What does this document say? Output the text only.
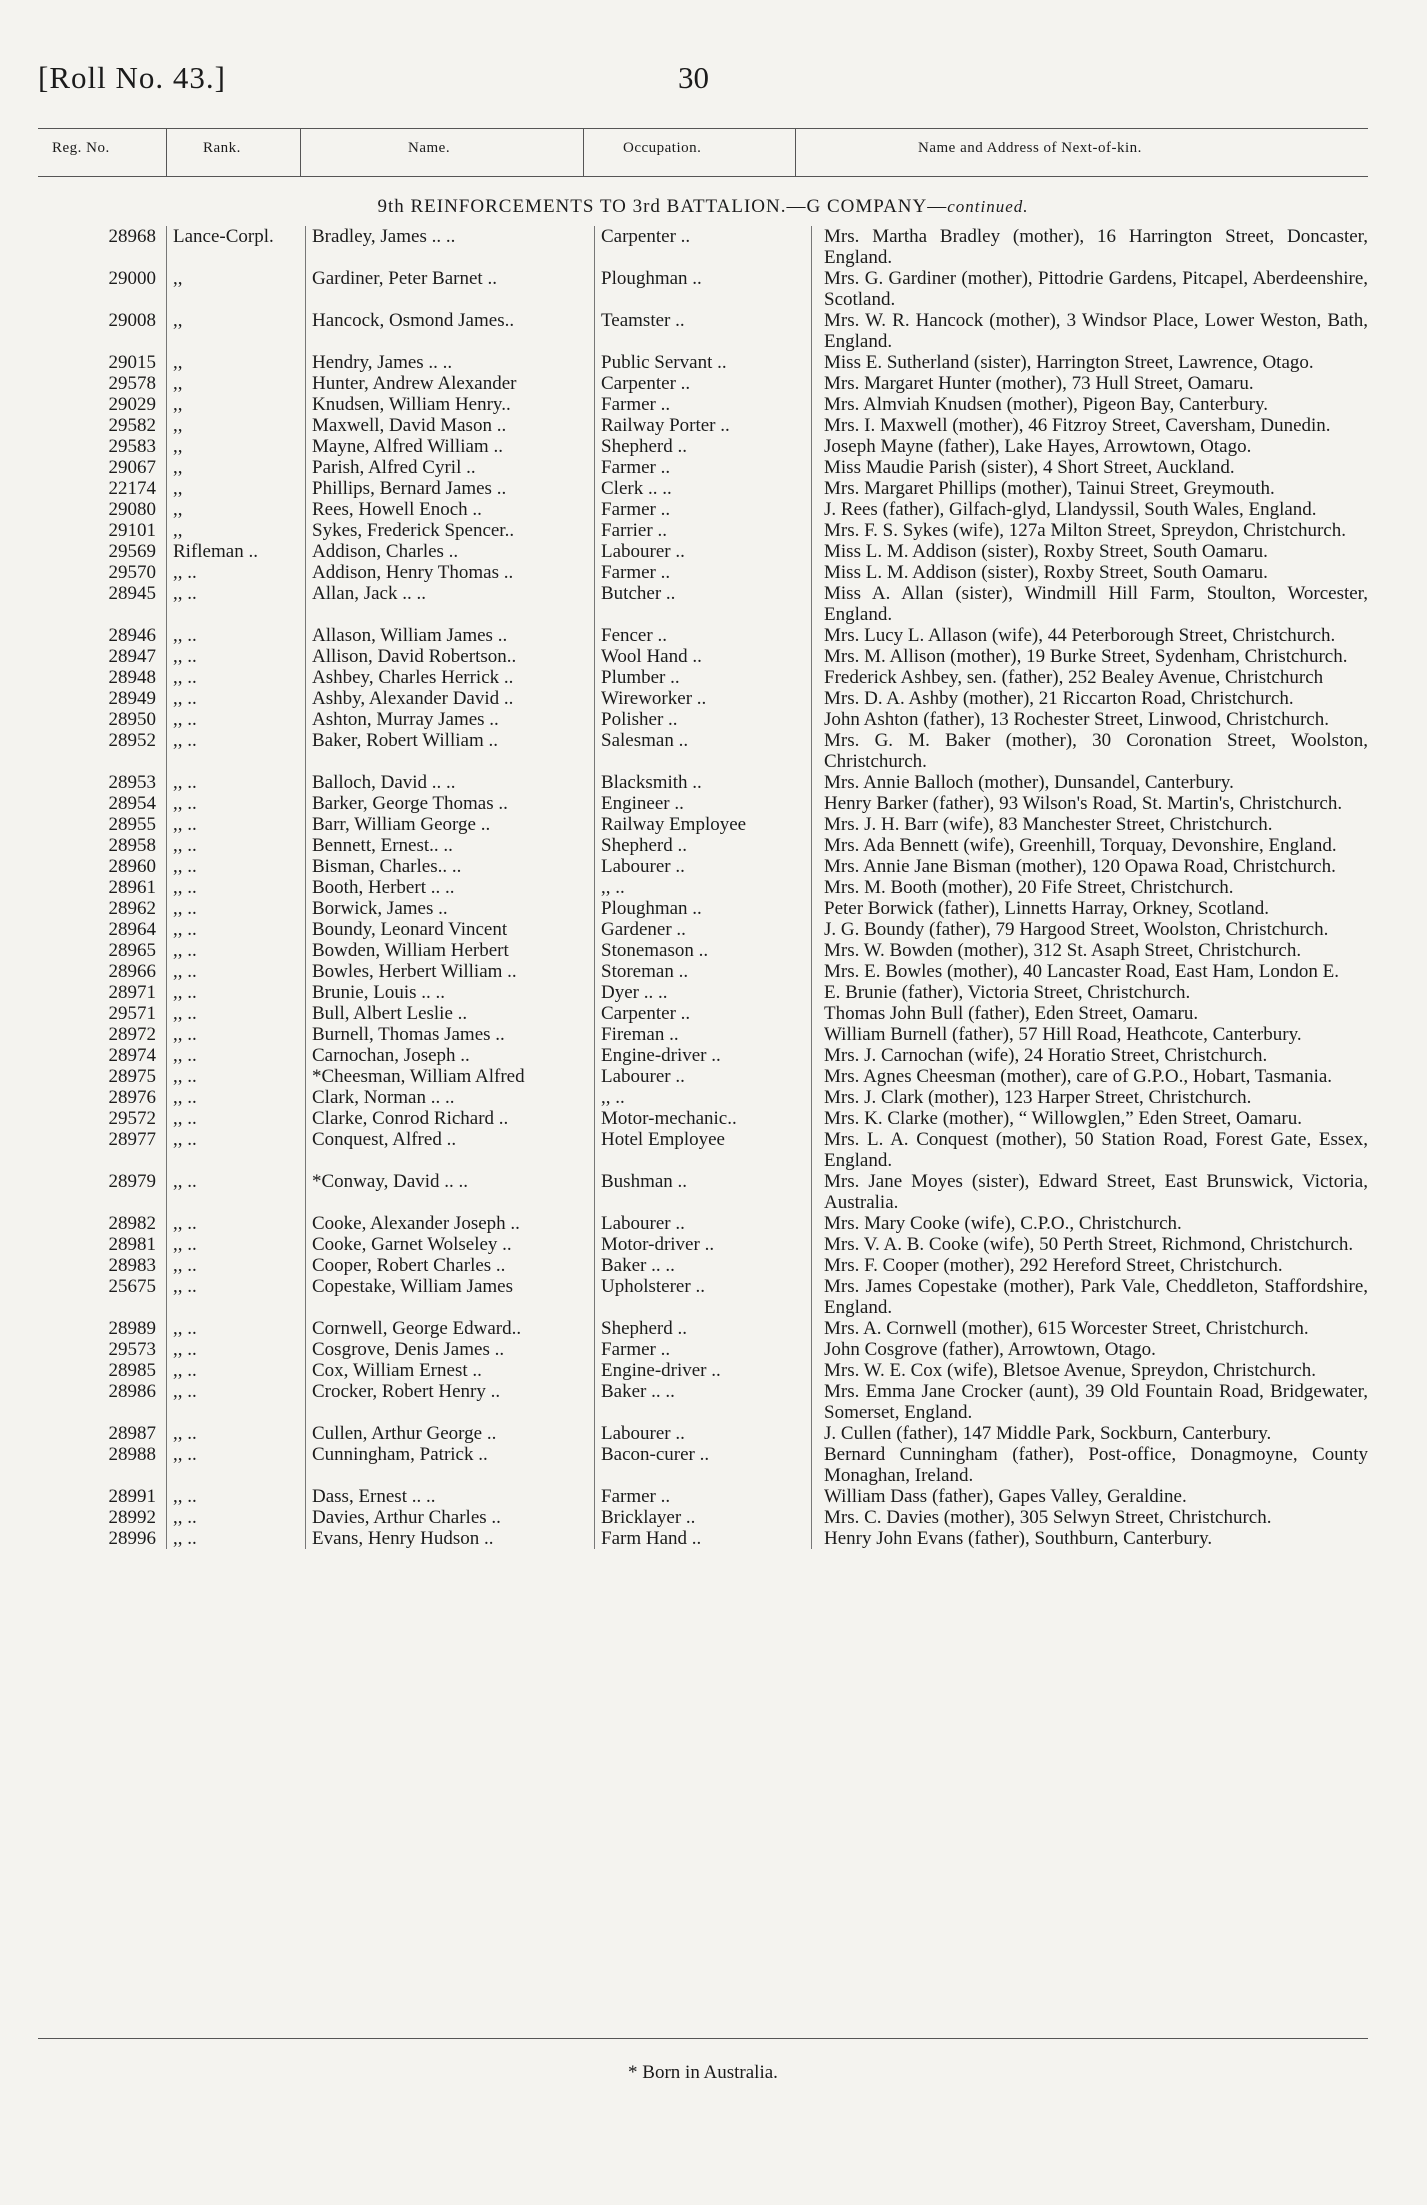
[Roll No. 43.]	30
Reg. No.	Rank.	Name.	Occupation.	Name and Address of Next-of-kin.
9th REINFORCEMENTS TO 3rd BATTALION.—G COMPANY—continued.
28968	Lance-Corpl.	Bradley, James .. ..	Carpenter ..	Mrs. Martha Bradley (mother), 16 Harrington Street, Doncaster, England.
29000	,,	Gardiner, Peter Barnet ..	Ploughman ..	Mrs. G. Gardiner (mother), Pittodrie Gardens, Pitcapel, Aberdeenshire, Scotland.
29008	,,	Hancock, Osmond James..	Teamster ..	Mrs. W. R. Hancock (mother), 3 Windsor Place, Lower Weston, Bath, England.
29015	,,	Hendry, James .. ..	Public Servant ..	Miss E. Sutherland (sister), Harrington Street, Lawrence, Otago.
29578	,,	Hunter, Andrew Alexander	Carpenter ..	Mrs. Margaret Hunter (mother), 73 Hull Street, Oamaru.
29029	,,	Knudsen, William Henry..	Farmer ..	Mrs. Almviah Knudsen (mother), Pigeon Bay, Canterbury.
29582	,,	Maxwell, David Mason ..	Railway Porter ..	Mrs. I. Maxwell (mother), 46 Fitzroy Street, Caversham, Dunedin.
29583	,,	Mayne, Alfred William ..	Shepherd ..	Joseph Mayne (father), Lake Hayes, Arrowtown, Otago.
29067	,,	Parish, Alfred Cyril ..	Farmer ..	Miss Maudie Parish (sister), 4 Short Street, Auckland.
22174	,,	Phillips, Bernard James ..	Clerk .. ..	Mrs. Margaret Phillips (mother), Tainui Street, Greymouth.
29080	,,	Rees, Howell Enoch ..	Farmer ..	J. Rees (father), Gilfach-glyd, Llandyssil, South Wales, England.
29101	,,	Sykes, Frederick Spencer..	Farrier ..	Mrs. F. S. Sykes (wife), 127a Milton Street, Spreydon, Christchurch.
29569	Rifleman ..	Addison, Charles ..	Labourer ..	Miss L. M. Addison (sister), Roxby Street, South Oamaru.
29570	,, ..	Addison, Henry Thomas ..	Farmer ..	Miss L. M. Addison (sister), Roxby Street, South Oamaru.
28945	,, ..	Allan, Jack .. ..	Butcher ..	Miss A. Allan (sister), Windmill Hill Farm, Stoulton, Worcester, England.
28946	,, ..	Allason, William James ..	Fencer ..	Mrs. Lucy L. Allason (wife), 44 Peterborough Street, Christchurch.
28947	,, ..	Allison, David Robertson..	Wool Hand ..	Mrs. M. Allison (mother), 19 Burke Street, Sydenham, Christchurch.
28948	,, ..	Ashbey, Charles Herrick ..	Plumber ..	Frederick Ashbey, sen. (father), 252 Bealey Avenue, Christchurch
28949	,, ..	Ashby, Alexander David ..	Wireworker ..	Mrs. D. A. Ashby (mother), 21 Riccarton Road, Christchurch.
28950	,, ..	Ashton, Murray James ..	Polisher ..	John Ashton (father), 13 Rochester Street, Linwood, Christchurch.
28952	,, ..	Baker, Robert William ..	Salesman ..	Mrs. G. M. Baker (mother), 30 Coronation Street, Woolston, Christchurch.
28953	,, ..	Balloch, David .. ..	Blacksmith ..	Mrs. Annie Balloch (mother), Dunsandel, Canterbury.
28954	,, ..	Barker, George Thomas ..	Engineer ..	Henry Barker (father), 93 Wilson's Road, St. Martin's, Christchurch.
28955	,, ..	Barr, William George ..	Railway Employee	Mrs. J. H. Barr (wife), 83 Manchester Street, Christchurch.
28958	,, ..	Bennett, Ernest.. ..	Shepherd ..	Mrs. Ada Bennett (wife), Greenhill, Torquay, Devonshire, England.
28960	,, ..	Bisman, Charles.. ..	Labourer ..	Mrs. Annie Jane Bisman (mother), 120 Opawa Road, Christchurch.
28961	,, ..	Booth, Herbert .. ..	,, ..	Mrs. M. Booth (mother), 20 Fife Street, Christchurch.
28962	,, ..	Borwick, James ..	Ploughman ..	Peter Borwick (father), Linnetts Harray, Orkney, Scotland.
28964	,, ..	Boundy, Leonard Vincent	Gardener ..	J. G. Boundy (father), 79 Hargood Street, Woolston, Christchurch.
28965	,, ..	Bowden, William Herbert	Stonemason ..	Mrs. W. Bowden (mother), 312 St. Asaph Street, Christchurch.
28966	,, ..	Bowles, Herbert William ..	Storeman ..	Mrs. E. Bowles (mother), 40 Lancaster Road, East Ham, London E.
28971	,, ..	Brunie, Louis .. ..	Dyer .. ..	E. Brunie (father), Victoria Street, Christchurch.
29571	,, ..	Bull, Albert Leslie ..	Carpenter ..	Thomas John Bull (father), Eden Street, Oamaru.
28972	,, ..	Burnell, Thomas James ..	Fireman ..	William Burnell (father), 57 Hill Road, Heathcote, Canterbury.
28974	,, ..	Carnochan, Joseph ..	Engine-driver ..	Mrs. J. Carnochan (wife), 24 Horatio Street, Christchurch.
28975	,, ..	*Cheesman, William Alfred	Labourer ..	Mrs. Agnes Cheesman (mother), care of G.P.O., Hobart, Tasmania.
28976	,, ..	Clark, Norman .. ..	,, ..	Mrs. J. Clark (mother), 123 Harper Street, Christchurch.
29572	,, ..	Clarke, Conrod Richard ..	Motor-mechanic..	Mrs. K. Clarke (mother), “ Willowglen,” Eden Street, Oamaru.
28977	,, ..	Conquest, Alfred ..	Hotel Employee	Mrs. L. A. Conquest (mother), 50 Station Road, Forest Gate, Essex, England.
28979	,, ..	*Conway, David .. ..	Bushman ..	Mrs. Jane Moyes (sister), Edward Street, East Brunswick, Victoria, Australia.
28982	,, ..	Cooke, Alexander Joseph ..	Labourer ..	Mrs. Mary Cooke (wife), C.P.O., Christchurch.
28981	,, ..	Cooke, Garnet Wolseley ..	Motor-driver ..	Mrs. V. A. B. Cooke (wife), 50 Perth Street, Richmond, Christchurch.
28983	,, ..	Cooper, Robert Charles ..	Baker .. ..	Mrs. F. Cooper (mother), 292 Hereford Street, Christchurch.
25675	,, ..	Copestake, William James	Upholsterer ..	Mrs. James Copestake (mother), Park Vale, Cheddleton, Staffordshire, England.
28989	,, ..	Cornwell, George Edward..	Shepherd ..	Mrs. A. Cornwell (mother), 615 Worcester Street, Christchurch.
29573	,, ..	Cosgrove, Denis James ..	Farmer ..	John Cosgrove (father), Arrowtown, Otago.
28985	,, ..	Cox, William Ernest ..	Engine-driver ..	Mrs. W. E. Cox (wife), Bletsoe Avenue, Spreydon, Christchurch.
28986	,, ..	Crocker, Robert Henry ..	Baker .. ..	Mrs. Emma Jane Crocker (aunt), 39 Old Fountain Road, Bridgewater, Somerset, England.
28987	,, ..	Cullen, Arthur George ..	Labourer ..	J. Cullen (father), 147 Middle Park, Sockburn, Canterbury.
28988	,, ..	Cunningham, Patrick ..	Bacon-curer ..	Bernard Cunningham (father), Post-office, Donagmoyne, County Monaghan, Ireland.
28991	,, ..	Dass, Ernest .. ..	Farmer ..	William Dass (father), Gapes Valley, Geraldine.
28992	,, ..	Davies, Arthur Charles ..	Bricklayer ..	Mrs. C. Davies (mother), 305 Selwyn Street, Christchurch.
28996	,, ..	Evans, Henry Hudson ..	Farm Hand ..	Henry John Evans (father), Southburn, Canterbury.
* Born in Australia.
